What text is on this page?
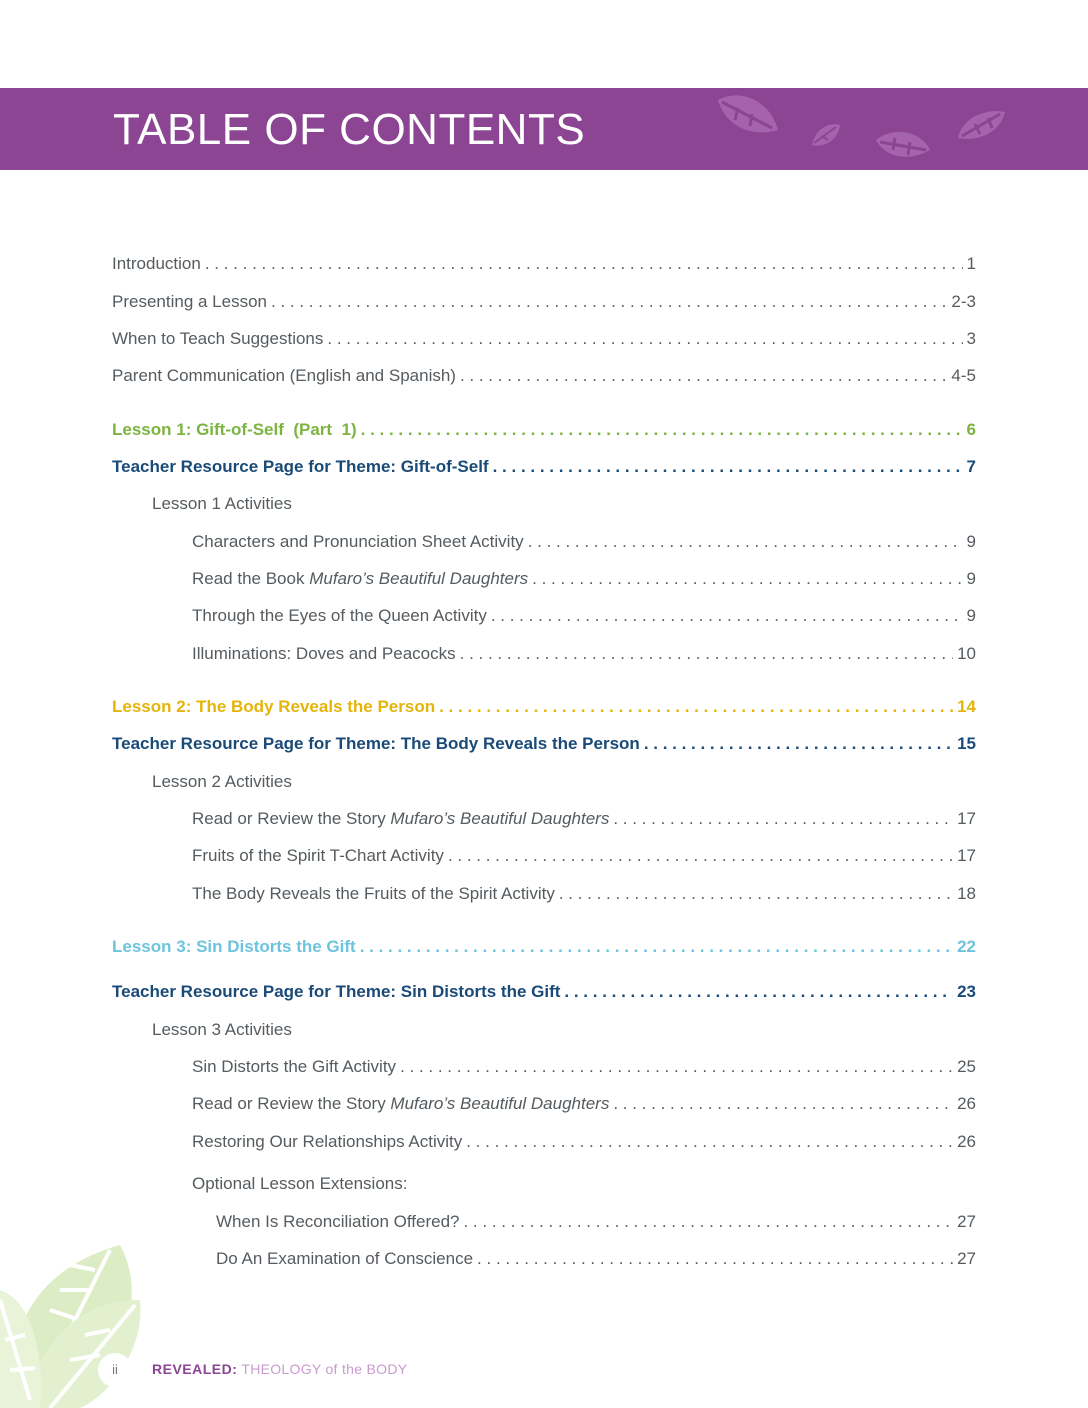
TABLE OF CONTENTS
Introduction . . .	1
Presenting a Lesson . . .	2-3
When to Teach Suggestions . . .	3
Parent Communication (English and Spanish) . . .	4-5
Lesson 1: Gift-of-Self  (Part  1) . . .	6
Teacher Resource Page for Theme: Gift-of-Self . . .	7
Lesson 1 Activities
Characters and Pronunciation Sheet Activity . . .	9
Read the Book Mufaro’s Beautiful Daughters . . .	9
Through the Eyes of the Queen Activity . . .	9
Illuminations: Doves and Peacocks . . .	10
Lesson 2: The Body Reveals the Person . . .	14
Teacher Resource Page for Theme: The Body Reveals the Person . . .	15
Lesson 2 Activities
Read or Review the Story Mufaro’s Beautiful Daughters . . .	17
Fruits of the Spirit T-Chart Activity . . .	17
The Body Reveals the Fruits of the Spirit Activity . . .	18
Lesson 3: Sin Distorts the Gift . . .	22
Teacher Resource Page for Theme: Sin Distorts the Gift . . .	23
Lesson 3 Activities
Sin Distorts the Gift Activity . . .	25
Read or Review the Story Mufaro’s Beautiful Daughters . . .	26
Restoring Our Relationships Activity . . .	26
Optional Lesson Extensions:
When Is Reconciliation Offered? . . .	27
Do An Examination of Conscience . . .	27
ii REVEALED: THEOLOGY of the BODY
